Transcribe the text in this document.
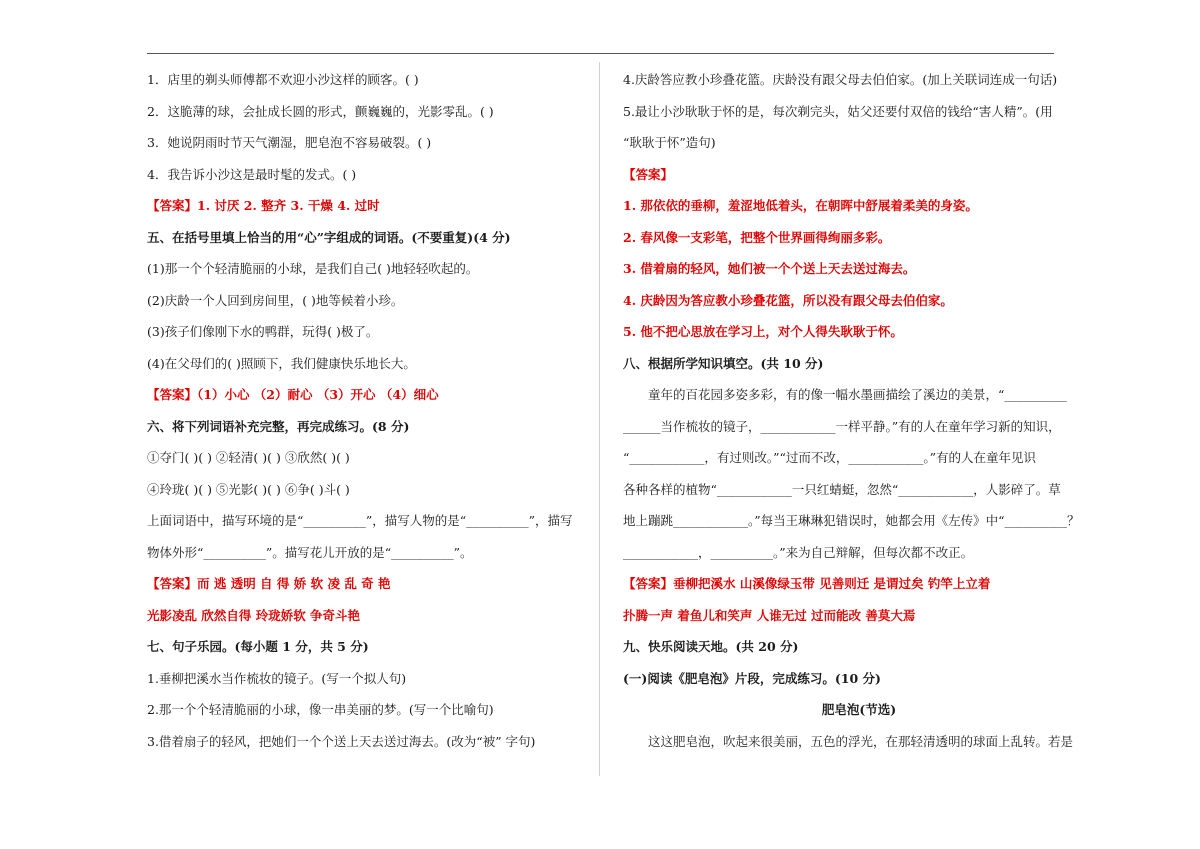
1．店里的剃头师傅都不欢迎小沙这样的顾客。( )
2．这脆薄的球，会扯成长圆的形式，颤巍巍的，光影零乱。( )
3．她说阴雨时节天气潮湿，肥皂泡不容易破裂。( )
4．我告诉小沙这是最时髦的发式。( )
【答案】1. 讨厌 2. 整齐 3. 干燥 4. 过时
五、在括号里填上恰当的用“心”字组成的词语。(不要重复)(4 分)
(1)那一个个轻清脆丽的小球，是我们自己( )地轻轻吹起的。
(2)庆龄一个人回到房间里，( )地等候着小珍。
(3)孩子们像刚下水的鸭群，玩得( )极了。
(4)在父母们的( )照顾下，我们健康快乐地长大。
【答案】（1）小心 （2）耐心 （3）开心 （4）细心
六、将下列词语补充完整，再完成练习。(8 分)
①夺门( )( ) ②轻清( )( ) ③欣然( )( )
④玲珑( )( ) ⑤光影( )( ) ⑥争( )斗( )
上面词语中，描写环境的是“__________”，描写人物的是“__________”，描写
物体外形“__________”。描写花儿开放的是“__________”。
【答案】而 逃 透明 自 得 娇 软 凌 乱 奇 艳
光影凌乱 欣然自得 玲珑娇软 争奇斗艳
七、句子乐园。(每小题 1 分，共 5 分)
1.垂柳把溪水当作梳妆的镜子。(写一个拟人句)
2.那一个个轻清脆丽的小球，像一串美丽的梦。(写一个比喻句)
3.借着扇子的轻风，把她们一个个送上天去送过海去。(改为“被” 字句)
4.庆龄答应教小珍叠花篮。庆龄没有跟父母去伯伯家。(加上关联词连成一句话)
5.最让小沙耿耿于怀的是，每次剃完头，姑父还要付双倍的钱给“害人精”。(用
“耿耿于怀”造句)
【答案】
1. 那依依的垂柳，羞涩地低着头，在朝晖中舒展着柔美的身姿。
2. 春风像一支彩笔，把整个世界画得绚丽多彩。
3. 借着扇的轻风，她们被一个个送上天去送过海去。
4. 庆龄因为答应教小珍叠花篮，所以没有跟父母去伯伯家。
5. 他不把心思放在学习上，对个人得失耿耿于怀。
八、根据所学知识填空。(共 10 分)
童年的百花园多姿多彩，有的像一幅水墨画描绘了溪边的美景，“__________
______当作梳妆的镜子，____________一样平静。”有的人在童年学习新的知识，
“____________，有过则改。”“过而不改，____________。”有的人在童年见识
各种各样的植物“____________一只红蜻蜓，忽然“____________，人影碎了。草
地上蹦跳____________。”每当王琳琳犯错误时，她都会用《左传》中“__________？
____________，__________。”来为自己辩解，但每次都不改正。
【答案】垂柳把溪水 山溪像绿玉带 见善则迁 是谓过矣 钓竿上立着
扑腾一声 着鱼儿和笑声 人谁无过 过而能改 善莫大焉
九、快乐阅读天地。(共 20 分)
(一)阅读《肥皂泡》片段，完成练习。(10 分)
肥皂泡(节选)
这这肥皂泡，吹起来很美丽，五色的浮光，在那轻清透明的球面上乱转。若是
